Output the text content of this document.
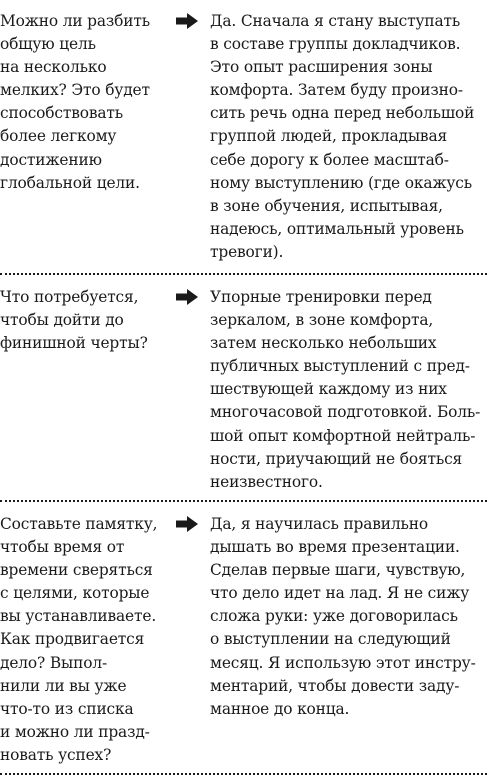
Можно ли разбить
общую цель
на несколько
мелких? Это будет
способствовать
более легкому
достижению
глобальной цели.
Да. Сначала я стану выступать
в составе группы докладчиков.
Это опыт расширения зоны
комфорта. Затем буду произно-
сить речь одна перед небольшой
группой людей, прокладывая
себе дорогу к более масштаб-
ному выступлению (где окажусь
в зоне обучения, испытывая,
надеюсь, оптимальный уровень
тревоги).
Что потребуется,
чтобы дойти до
финишной черты?
Упорные тренировки перед
зеркалом, в зоне комфорта,
затем несколько небольших
публичных выступлений с пред-
шествующей каждому из них
многочасовой подготовкой. Боль-
шой опыт комфортной нейтраль-
ности, приучающий не бояться
неизвестного.
Составьте памятку,
чтобы время от
времени сверяться
с целями, которые
вы устанавливаете.
Как продвигается
дело? Выпол-
нили ли вы уже
что-то из списка
и можно ли празд-
новать успех?
Да, я научилась правильно
дышать во время презентации.
Сделав первые шаги, чувствую,
что дело идет на лад. Я не сижу
сложа руки: уже договорилась
о выступлении на следующий
месяц. Я использую этот инстру-
ментарий, чтобы довести заду-
манное до конца.
